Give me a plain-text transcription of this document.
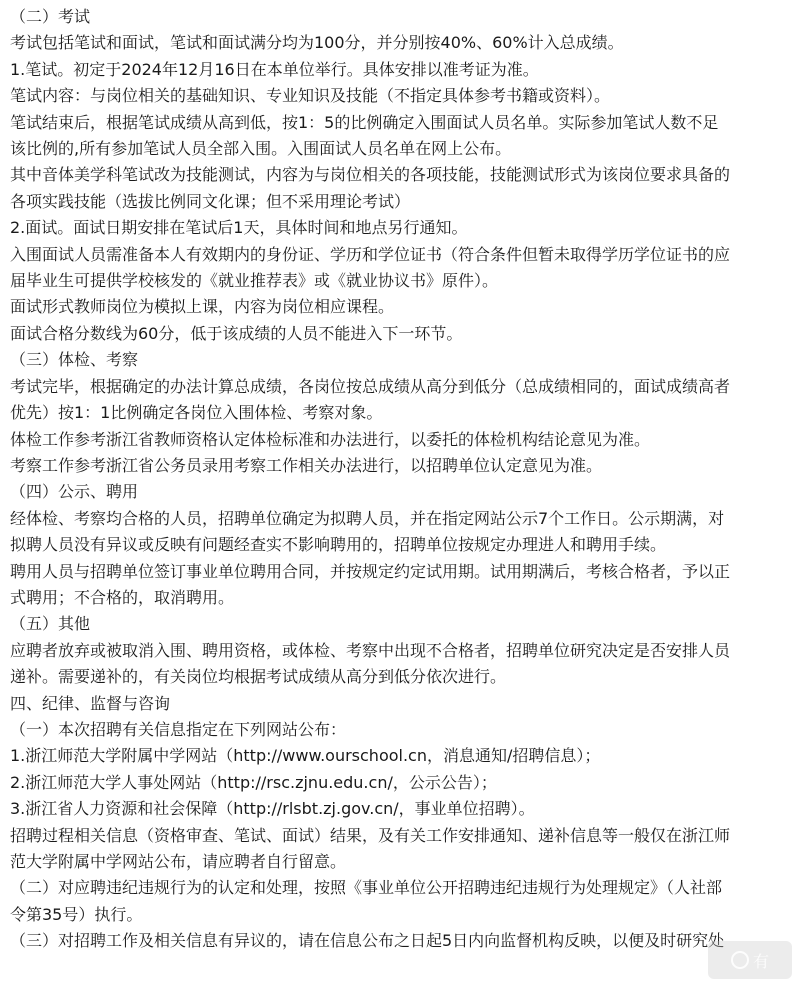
（二）考试
考试包括笔试和面试，笔试和面试满分均为100分，并分别按40%、60%计入总成绩。
1.笔试。初定于2024年12月16日在本单位举行。具体安排以准考证为准。
笔试内容：与岗位相关的基础知识、专业知识及技能（不指定具体参考书籍或资料）。
笔试结束后，根据笔试成绩从高到低，按1：5的比例确定入围面试人员名单。实际参加笔试人数不足
该比例的,所有参加笔试人员全部入围。入围面试人员名单在网上公布。
其中音体美学科笔试改为技能测试，内容为与岗位相关的各项技能，技能测试形式为该岗位要求具备的
各项实践技能（选拔比例同文化课；但不采用理论考试）
2.面试。面试日期安排在笔试后1天，具体时间和地点另行通知。
入围面试人员需准备本人有效期内的身份证、学历和学位证书（符合条件但暂未取得学历学位证书的应
届毕业生可提供学校核发的《就业推荐表》或《就业协议书》原件）。
面试形式教师岗位为模拟上课，内容为岗位相应课程。
面试合格分数线为60分，低于该成绩的人员不能进入下一环节。
（三）体检、考察
考试完毕，根据确定的办法计算总成绩，各岗位按总成绩从高分到低分（总成绩相同的，面试成绩高者
优先）按1：1比例确定各岗位入围体检、考察对象。
体检工作参考浙江省教师资格认定体检标准和办法进行，以委托的体检机构结论意见为准。
考察工作参考浙江省公务员录用考察工作相关办法进行，以招聘单位认定意见为准。
（四）公示、聘用
经体检、考察均合格的人员，招聘单位确定为拟聘人员，并在指定网站公示7个工作日。公示期满，对
拟聘人员没有异议或反映有问题经查实不影响聘用的，招聘单位按规定办理进人和聘用手续。
聘用人员与招聘单位签订事业单位聘用合同，并按规定约定试用期。试用期满后，考核合格者，予以正
式聘用；不合格的，取消聘用。
（五）其他
应聘者放弃或被取消入围、聘用资格，或体检、考察中出现不合格者，招聘单位研究决定是否安排人员
递补。需要递补的，有关岗位均根据考试成绩从高分到低分依次进行。
四、纪律、监督与咨询
（一）本次招聘有关信息指定在下列网站公布：
1.浙江师范大学附属中学网站（http://www.ourschool.cn，消息通知/招聘信息）；
2.浙江师范大学人事处网站（http://rsc.zjnu.edu.cn/，公示公告）；
3.浙江省人力资源和社会保障（http://rlsbt.zj.gov.cn/，事业单位招聘）。
招聘过程相关信息（资格审查、笔试、面试）结果，及有关工作安排通知、递补信息等一般仅在浙江师
范大学附属中学网站公布，请应聘者自行留意。
（二）对应聘违纪违规行为的认定和处理，按照《事业单位公开招聘违纪违规行为处理规定》（人社部
令第35号）执行。
（三）对招聘工作及相关信息有异议的，请在信息公布之日起5日内向监督机构反映，以便及时研究处
有
